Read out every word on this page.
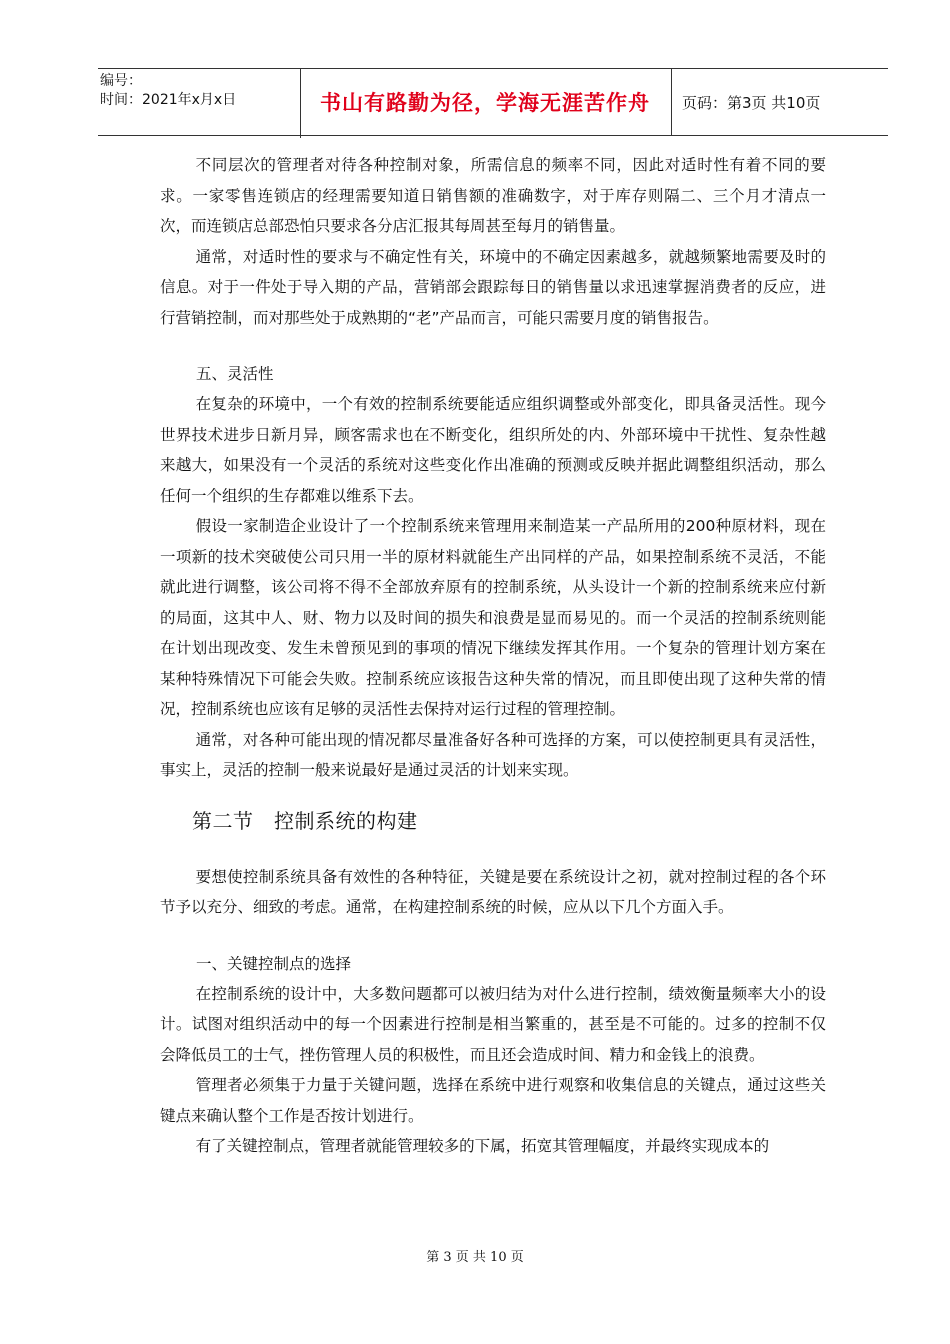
编号：
时间：2021年x月x日	书山有路勤为径，学海无涯苦作舟	页码：第3页 共10页

不同层次的管理者对待各种控制对象，所需信息的频率不同，因此对适时性有着不同的要求。一家零售连锁店的经理需要知道日销售额的准确数字，对于库存则隔二、三个月才清点一次，而连锁店总部恐怕只要求各分店汇报其每周甚至每月的销售量。

通常，对适时性的要求与不确定性有关，环境中的不确定因素越多，就越频繁地需要及时的信息。对于一件处于导入期的产品，营销部会跟踪每日的销售量以求迅速掌握消费者的反应，进行营销控制，而对那些处于成熟期的“老”产品而言，可能只需要月度的销售报告。

五、灵活性

在复杂的环境中，一个有效的控制系统要能适应组织调整或外部变化，即具备灵活性。现今世界技术进步日新月异，顾客需求也在不断变化，组织所处的内、外部环境中干扰性、复杂性越来越大，如果没有一个灵活的系统对这些变化作出准确的预测或反映并据此调整组织活动，那么任何一个组织的生存都难以维系下去。

假设一家制造企业设计了一个控制系统来管理用来制造某一产品所用的200种原材料，现在一项新的技术突破使公司只用一半的原材料就能生产出同样的产品，如果控制系统不灵活，不能就此进行调整，该公司将不得不全部放弃原有的控制系统，从头设计一个新的控制系统来应付新的局面，这其中人、财、物力以及时间的损失和浪费是显而易见的。而一个灵活的控制系统则能在计划出现改变、发生未曾预见到的事项的情况下继续发挥其作用。一个复杂的管理计划方案在某种特殊情况下可能会失败。控制系统应该报告这种失常的情况，而且即使出现了这种失常的情况，控制系统也应该有足够的灵活性去保持对运行过程的管理控制。

通常，对各种可能出现的情况都尽量准备好各种可选择的方案，可以使控制更具有灵活性，事实上，灵活的控制一般来说最好是通过灵活的计划来实现。

第二节　控制系统的构建

要想使控制系统具备有效性的各种特征，关键是要在系统设计之初，就对控制过程的各个环节予以充分、细致的考虑。通常，在构建控制系统的时候，应从以下几个方面入手。

一、关键控制点的选择

在控制系统的设计中，大多数问题都可以被归结为对什么进行控制，绩效衡量频率大小的设计。试图对组织活动中的每一个因素进行控制是相当繁重的，甚至是不可能的。过多的控制不仅会降低员工的士气，挫伤管理人员的积极性，而且还会造成时间、精力和金钱上的浪费。

管理者必须集于力量于关键问题，选择在系统中进行观察和收集信息的关键点，通过这些关键点来确认整个工作是否按计划进行。

有了关键控制点，管理者就能管理较多的下属，拓宽其管理幅度，并最终实现成本的

第 3 页 共 10 页
